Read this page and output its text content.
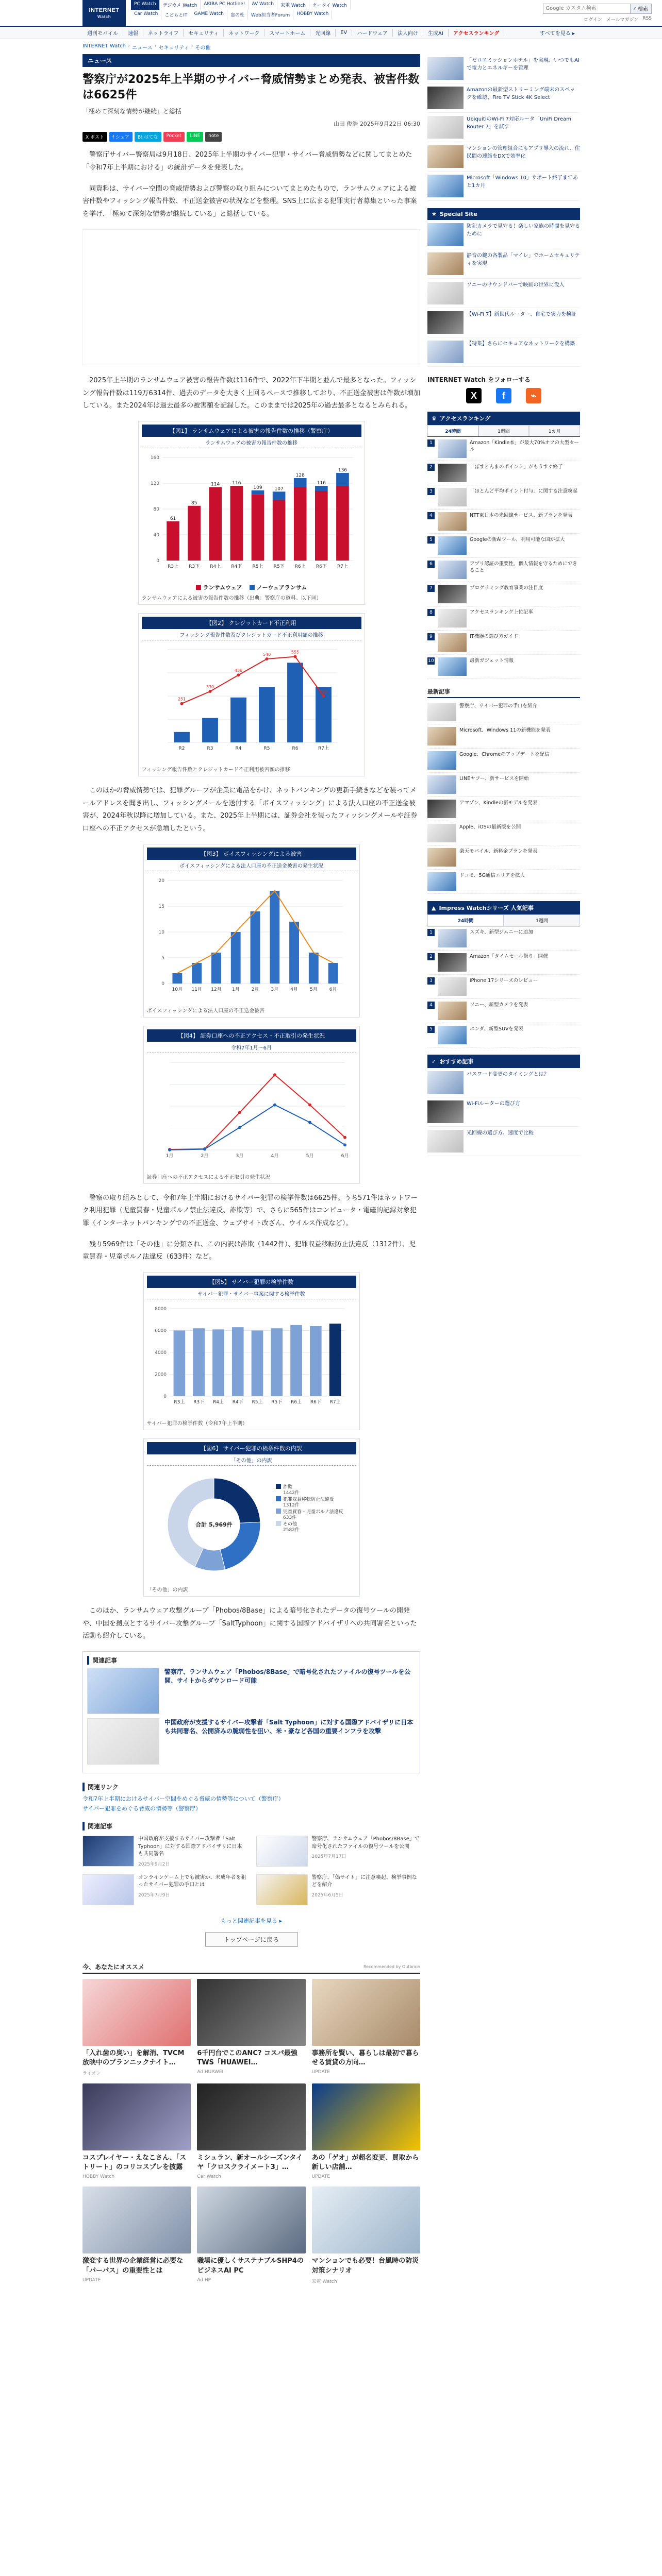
INTERNET
Watch
PC Watch	デジカメ Watch	AKIBA PC Hotline!	AV Watch	家電 Watch	ケータイ Watch
Car Watch	こどもとIT	GAME Watch	窓の杜	Web担当者Forum	HOBBY Watch
Google カスタム検索
⌕ 検索
ログイン メールマガジン RSS
週刊モバイル	速報	ネットライフ	セキュリティ	ネットワーク	スマートホーム	光回線	EV	ハードウェア	法人向け	生成AI	アクセスランキング	すべてを見る ▸
INTERNET Watch › ニュース › セキュリティ › その他
ニュース
警察庁が2025年上半期のサイバー脅威情勢まとめ発表、被害件数は6625件
「極めて深刻な情勢が継続」と総括
山田 俊浩 2025年9月22日 06:30
X ポスト	f シェア	B! はてな	Pocket	LINE	note

警察庁サイバー警察局は9月18日、2025年上半期のサイバー犯罪・サイバー脅威情勢などに関してまとめた「令和7年上半期における」の統計データを発表した。

同資料は、サイバー空間の脅威情勢および警察の取り組みについてまとめたもので、ランサムウェアによる被害件数やフィッシング報告件数、不正送金被害の状況などを整理。SNS上に広まる犯罪実行者募集といった事案を挙げ、「極めて深刻な情勢が継続している」と総括している。

2025年上半期のランサムウェア被害の報告件数は116件で、2022年下半期と並んで最多となった。フィッシング報告件数は119万6314件、過去のデータを大きく上回るペースで推移しており、不正送金被害は件数が増加している。また2024年は過去最多の被害額を記録した。このままでは2025年の過去最多となるとみられる。

【図1】 ランサムウェアによる被害の報告件数の推移（警察庁）
ランサムウェアの被害の報告件数の推移
0
40
80
120
160
61
R3上
85
R3下
114
R4上
116
R4下
109
R5上
107
R5下
128
R6上
116
R6下
136
R7上
ランサムウェア	ノーウェアランサム
ランサムウェアによる被害の報告件数の推移（出典：警察庁の資料。以下同）
【図2】 クレジットカード不正利用
フィッシング報告件数及びクレジットカード不正利用額の推移
R2	R3	R4	R5	R6	R7上
251
330
436
540	555
300
フィッシング報告件数とクレジットカード不正利用被害額の推移

このほかの脅威情勢では、犯罪グループが企業に電話をかけ、ネットバンキングの更新手続きなどを装ってメールアドレスを聞き出し、フィッシングメールを送付する「ボイスフィッシング」による法人口座の不正送金被害が、2024年秋以降に増加している。また、2025年上半期には、証券会社を装ったフィッシングメールや証券口座への不正アクセスが急増したという。

【図3】 ボイスフィッシングによる被害
ボイスフィッシングによる法人口座の不正送金被害の発生状況
0
5
10
15
20
10月 11月 12月 1月	2月	3月	4月	5月	6月
ボイスフィッシングによる法人口座の不正送金被害
【図4】 証券口座への不正アクセス・不正取引の発生状況
令和7年1月〜6月
1月	2月	3月	4月	5月	6月
証券口座への不正アクセスによる不正取引の発生状況

警察の取り組みとして、令和7年上半期におけるサイバー犯罪の検挙件数は6625件。うち571件はネットワーク利用犯罪（児童買春・児童ポルノ禁止法違反、詐欺等）で、さらに565件はコンピュータ・電磁的記録対象犯罪（インターネットバンキングでの不正送金、ウェブサイト改ざん、ウイルス作成など）。

残り5969件は「その他」に分類され、この内訳は詐欺（1442件）、犯罪収益移転防止法違反（1312件）、児童買春・児童ポルノ法違反（633件）など。

【図5】 サイバー犯罪の検挙件数
サイバー犯罪・サイバー事案に関する検挙件数
0
2000
4000
6000
8000
R3上 R3下 R4上 R4下 R5上 R5下 R6上 R6下 R7上
サイバー犯罪の検挙件数（令和7年上半期）
【図6】 サイバー犯罪の検挙件数の内訳
「その他」の内訳
合計 5,969件
詐欺
1442件
犯罪収益移転防止法違反
1312件
児童買春・児童ポルノ法違反
633件
その他
2582件
「その他」の内訳

このほか、ランサムウェア攻撃グループ「Phobos/8Base」による暗号化されたデータの復号ツールの開発や、中国を拠点とするサイバー攻撃グループ「SaltTyphoon」に関する国際アドバイザリへの共同署名といった活動も紹介している。

関連記事
警察庁、ランサムウェア「Phobos/8Base」で暗号化されたファイルの復号ツールを公開、サイトからダウンロード可能
中国政府が支援するサイバー攻撃者「Salt Typhoon」に対する国際アドバイザリに日本も共同署名、公開済みの脆弱性を狙い、米・豪など各国の重要インフラを攻撃
関連リンク
令和7年上半期におけるサイバー空間をめぐる脅威の情勢等について（警察庁）
サイバー犯罪をめぐる脅威の情勢等（警察庁）
関連記事
中国政府が支援するサイバー攻撃者「Salt Typhoon」に対する国際アドバイザリに日本も共同署名
2025年9月2日
警察庁、ランサムウェア「Phobos/8Base」で暗号化されたファイルの復号ツールを公開
2025年7月17日
オンラインゲーム上でも被害か、未成年者を狙ったサイバー犯罪の手口とは
2025年7月9日
警察庁、「偽サイト」に注意喚起、検挙事例などを紹介
2025年6月5日
もっと関連記事を見る ▸
トップページに戻る
今、あなたにオススメ	Recommended by Outbrain
「入れ歯の臭い」を解消、TVCM放映中のプランニックナイト…
ライオン
6千円台でこのANC? コスパ最強TWS「HUAWEI…
Ad HUAWEI
事務所を賢い、暮らしは最初で暮らせる賃貸の方向…
UPDATE
コスプレイヤー・えなこさん、「ストリート」のコリコスプレを披露
HOBBY Watch
ミシュラン、新オールシーズンタイヤ「クロスクライメート3」…
Car Watch
あの「ゲオ」が超名変更、買取から新しい店舗…
UPDATE
激変する世界の企業経営に必要な「パーパス」の重要性とは
UPDATE
職場に優しくサステナブルSHP4のビジネスAI PC
Ad HP
マンションでも必要！台風時の防災対策シナリオ
家電 Watch
「ゼロエミッションホテル」を実現、いつでもAIで電力とエネルギーを管理
Amazonの最新型ストリーミング端末のスペックを確認、Fire TV Stick 4K Select
UbiquitiのWi-Fi 7対応ルータ「UniFi Dream Router 7」を試す
マンションの管理組合にもアプリ導入の流れ、住民間の連絡をDXで効率化
Microsoft「Windows 10」サポート終了まであと1カ月
★ Special Site
防犯カメラで見守る！楽しい家族の時間を見守るために
静音の鍵の各製品「マイレ」でホームセキュリティを実現
ソニーのサウンドバーで映画の世界に没入
【Wi-Fi 7】新世代ルーター、自宅で実力を検証
【特集】さらにセキュアなネットワークを構築
INTERNET Watch をフォローする
X	f	⌁
♛ アクセスランキング
24時間	1週間	1カ月
1	Amazon「Kindle本」が最大70%オフの大型セール
2	「ぽすとんまのポイント」がもうすぐ終了
3	「ほとんど平均ポイント付与」に関する注意喚起
4	NTT東日本の光回線サービス、新プランを発表
5	Googleの新AIツール、利用可能な国が拡大
6	アプリ認証の重要性、個人情報を守るためにできること
7	プログラミング教育事業の注目度
8	アクセスランキング上位記事
9	IT機器の選び方ガイド
10	最新ガジェット情報
最新記事
警察庁、サイバー犯罪の手口を紹介
Microsoft、Windows 11の新機能を発表
Google、Chromeのアップデートを配信
LINEヤフー、新サービスを開始
アマゾン、Kindleの新モデルを発表
Apple、iOSの最新版を公開
楽天モバイル、新料金プランを発表
ドコモ、5G通信エリアを拡大
▲ Impress Watchシリーズ 人気記事
24時間	1週間
1	スズキ、新型ジムニーに追加
2	Amazon「タイムセール祭り」開催
3	iPhone 17シリーズのレビュー
4	ソニー、新型カメラを発表
5	ホンダ、新型SUVを発表
✓ おすすめ記事
パスワード変更のタイミングとは？
Wi-Fiルーターの選び方
光回線の選び方、速度で比較
